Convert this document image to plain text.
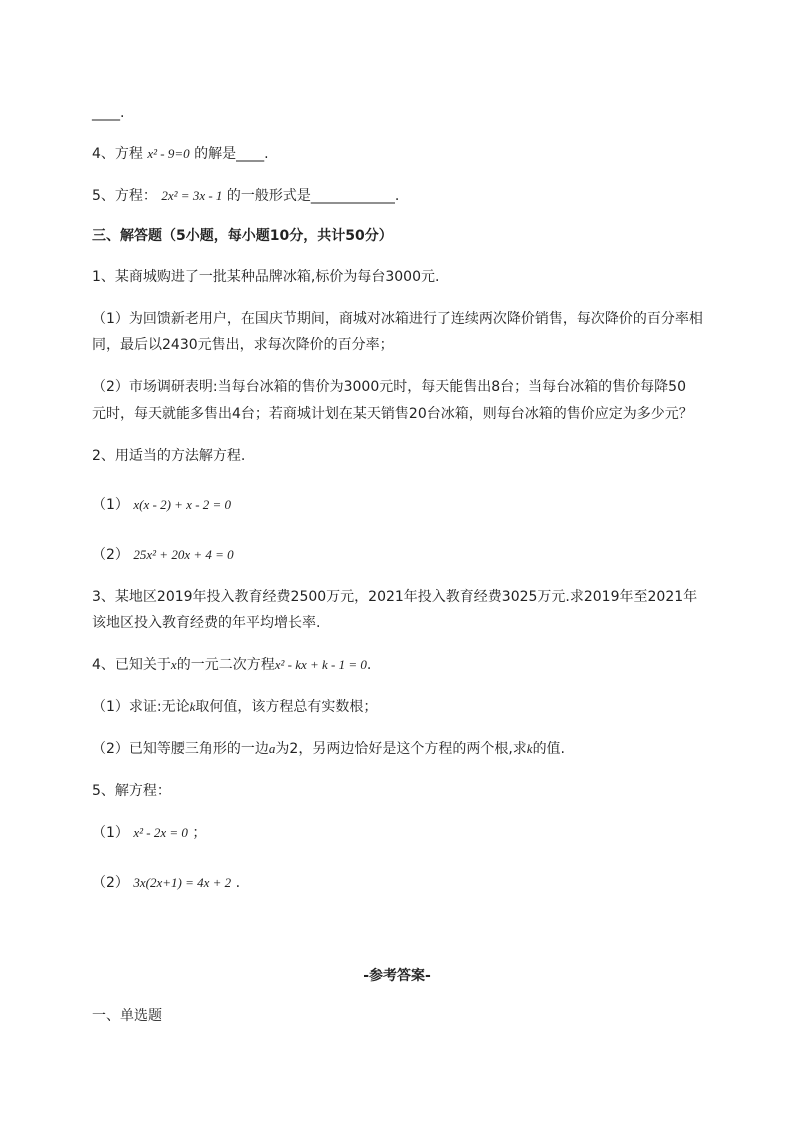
____.
4、方程 x² - 9=0 的解是____.
5、方程： 2x² = 3x - 1 的一般形式是____________.
三、解答题（5小题，每小题10分，共计50分）
1、某商城购进了一批某种品牌冰箱,标价为每台3000元.
（1）为回馈新老用户，在国庆节期间，商城对冰箱进行了连续两次降价销售，每次降价的百分率相
同，最后以2430元售出，求每次降价的百分率；
（2）市场调研表明:当每台冰箱的售价为3000元时，每天能售出8台；当每台冰箱的售价每降50
元时，每天就能多售出4台；若商城计划在某天销售20台冰箱，则每台冰箱的售价应定为多少元？
2、用适当的方法解方程.
（1） x(x - 2) + x - 2 = 0
（2） 25x² + 20x + 4 = 0
3、某地区2019年投入教育经费2500万元，2021年投入教育经费3025万元.求2019年至2021年
该地区投入教育经费的年平均增长率.
4、已知关于x的一元二次方程x² - kx + k - 1 = 0.
（1）求证:无论k取何值，该方程总有实数根；
（2）已知等腰三角形的一边a为2，另两边恰好是这个方程的两个根,求k的值.
5、解方程：
（1） x² - 2x = 0 ；
（2） 3x(2x+1) = 4x + 2 .
-参考答案-
一、单选题
